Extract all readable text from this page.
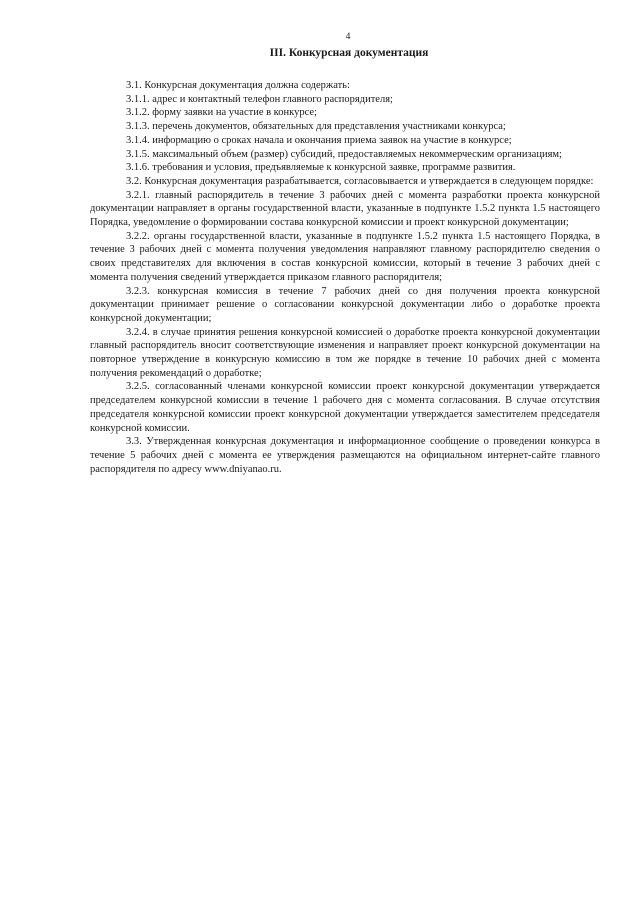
4
III. Конкурсная документация

3.1. Конкурсная документация должна содержать:

3.1.1. адрес и контактный телефон главного распорядителя;

3.1.2. форму заявки на участие в конкурсе;

3.1.3. перечень документов, обязательных для представления участниками конкурса;

3.1.4. информацию о сроках начала и окончания приема заявок на участие в конкурсе;

3.1.5. максимальный объем (размер) субсидий, предоставляемых некоммерческим организациям;

3.1.6. требования и условия, предъявляемые к конкурсной заявке, программе развития.

3.2. Конкурсная документация разрабатывается, согласовывается и утверждается в следующем порядке:

3.2.1. главный распорядитель в течение 3 рабочих дней с момента разработки проекта конкурсной документации направляет в органы государственной власти, указанные в подпункте 1.5.2 пункта 1.5 настоящего Порядка, уведомление о формировании состава конкурсной комиссии и проект конкурсной документации;

3.2.2. органы государственной власти, указанные в подпункте 1.5.2 пункта 1.5 настоящего Порядка, в течение 3 рабочих дней с момента получения уведомления направляют главному распорядителю сведения о своих представителях для включения в состав конкурсной комиссии, который в течение 3 рабочих дней с момента получения сведений утверждается приказом главного распорядителя;

3.2.3. конкурсная комиссия в течение 7 рабочих дней со дня получения проекта конкурсной документации принимает решение о согласовании конкурсной документации либо о доработке проекта конкурсной документации;

3.2.4. в случае принятия решения конкурсной комиссией о доработке проекта конкурсной документации главный распорядитель вносит соответствующие изменения и направляет проект конкурсной документации на повторное утверждение в конкурсную комиссию в том же порядке в течение 10 рабочих дней с момента получения рекомендаций о доработке;

3.2.5. согласованный членами конкурсной комиссии проект конкурсной документации утверждается председателем конкурсной комиссии в течение 1 рабочего дня с момента согласования. В случае отсутствия председателя конкурсной комиссии проект конкурсной документации утверждается заместителем председателя конкурсной комиссии.

3.3. Утвержденная конкурсная документация и информационное сообщение о проведении конкурса в течение 5 рабочих дней с момента ее утверждения размещаются на официальном интернет-сайте главного распорядителя по адресу www.dniyanao.ru.
